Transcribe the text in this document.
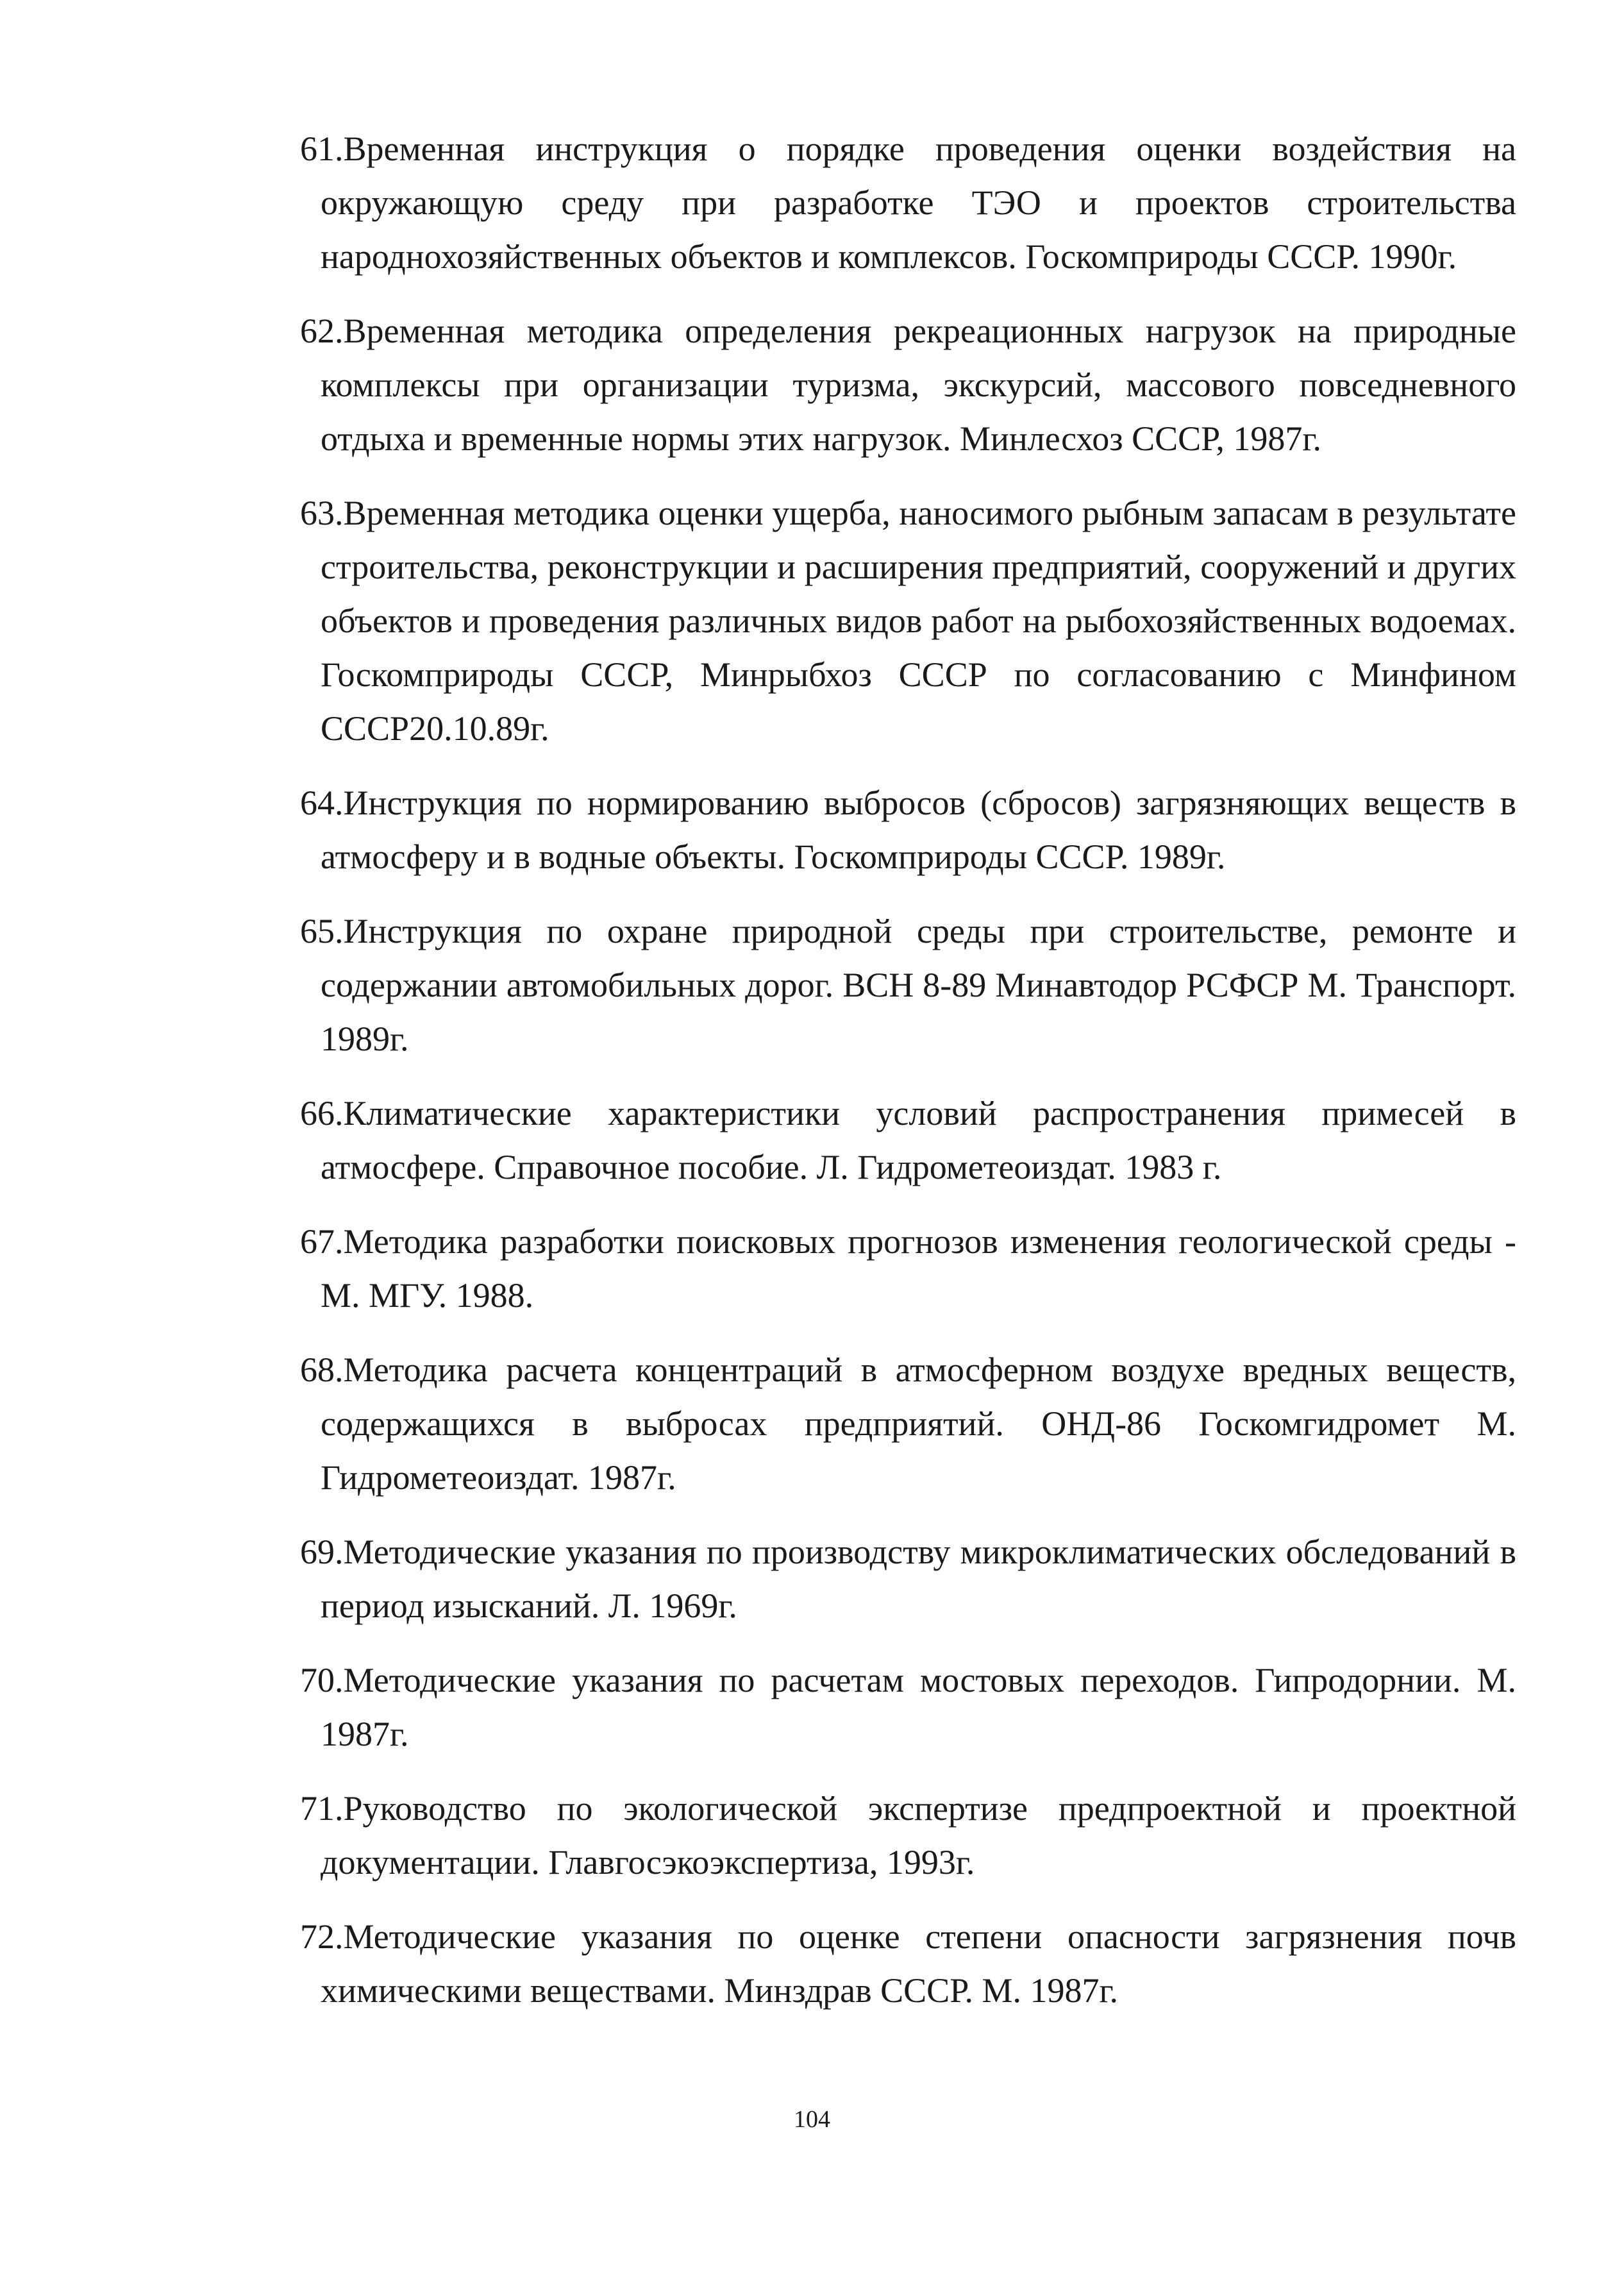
61.Временная инструкция о порядке проведения оценки воздействия на окружающую среду при разработке ТЭО и проектов строительства народнохозяйственных объектов и комплексов. Госкомприроды СССР. 1990г.
62.Временная методика определения рекреационных нагрузок на природные комплексы при организации туризма, экскурсий, массового повседневного отдыха и временные нормы этих нагрузок. Минлесхоз СССР, 1987г.
63.Временная методика оценки ущерба, наносимого рыбным запасам в результате строительства, реконструкции и расширения предприятий, сооружений и других объектов и проведения различных видов работ на рыбохозяйственных водоемах. Госкомприроды СССР, Минрыбхоз СССР по согласованию с Минфином СССР20.10.89г.
64.Инструкция по нормированию выбросов (сбросов) загрязняющих веществ в атмосферу и в водные объекты. Госкомприроды СССР. 1989г.
65.Инструкция по охране природной среды при строительстве, ремонте и содержании автомобильных дорог. ВСН 8-89 Минавтодор РСФСР М. Транспорт. 1989г.
66.Климатические характеристики условий распространения примесей в атмосфере. Справочное пособие. Л. Гидрометеоиздат. 1983 г.
67.Методика разработки поисковых прогнозов изменения геологической среды - М. МГУ. 1988.
68.Методика расчета концентраций в атмосферном воздухе вредных веществ, содержащихся в выбросах предприятий. ОНД-86 Госкомгидромет М. Гидрометеоиздат. 1987г.
69.Методические указания по производству микроклиматических обследований в период изысканий. Л. 1969г.
70.Методические указания по расчетам мостовых переходов. Гипродорнии. М. 1987г.
71.Руководство по экологической экспертизе предпроектной и проектной документации. Главгосэкоэкспертиза, 1993г.
72.Методические указания по оценке степени опасности загрязнения почв химическими веществами. Минздрав СССР. М. 1987г.
104
